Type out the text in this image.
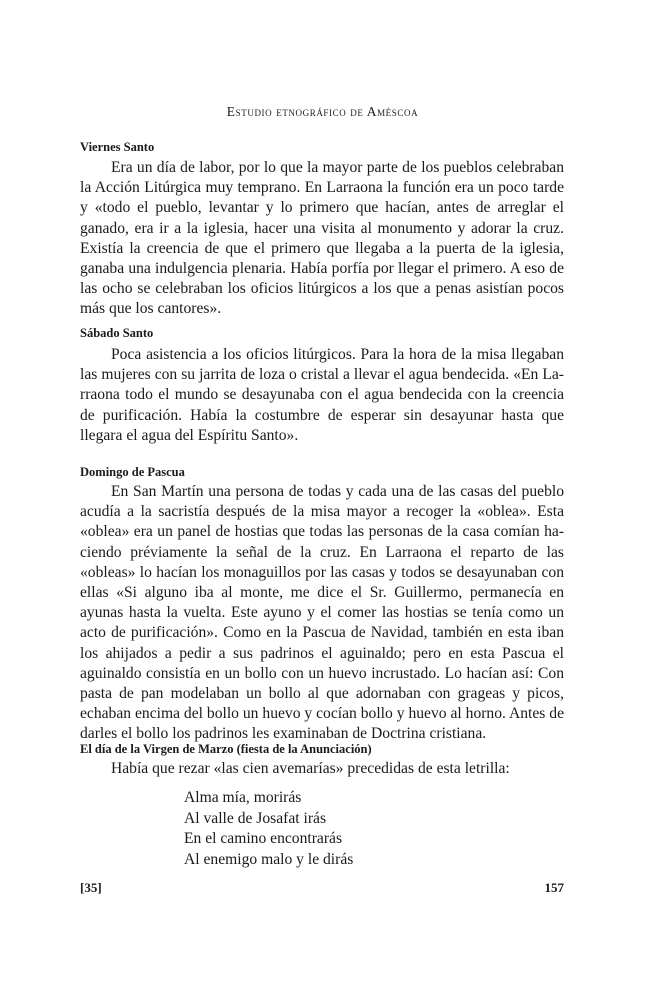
Estudio etnográfico de Améscoa
Viernes Santo

Era un día de labor, por lo que la mayor parte de los pueblos celebraban la Acción Litúrgica muy temprano. En Larraona la función era un poco tarde y «todo el pueblo, levantar y lo primero que hacían, antes de arreglar el ganado, era ir a la iglesia, hacer una visita al monumento y adorar la cruz. Existía la creencia de que el primero que llegaba a la puerta de la iglesia, ganaba una indulgencia plenaria. Había porfía por llegar el primero. A eso de las ocho se celebraban los oficios litúrgicos a los que a penas asistían pocos más que los cantores».

Sábado Santo

Poca asistencia a los oficios litúrgicos. Para la hora de la misa llegaban las mujeres con su jarrita de loza o cristal a llevar el agua bendecida. «En Larraona todo el mundo se desayunaba con el agua bendecida con la creencia de purificación. Había la costumbre de esperar sin desayunar hasta que llegara el agua del Espíritu Santo».

Domingo de Pascua

En San Martín una persona de todas y cada una de las casas del pueblo acudía a la sacristía después de la misa mayor a recoger la «oblea». Esta «oblea» era un panel de hostias que todas las personas de la casa comían haciendo préviamente la señal de la cruz. En Larraona el reparto de las «obleas» lo hacían los monaguillos por las casas y todos se desayunaban con ellas «Si alguno iba al monte, me dice el Sr. Guillermo, permanecía en ayunas hasta la vuelta. Este ayuno y el comer las hostias se tenía como un acto de purificación». Como en la Pascua de Navidad, también en esta iban los ahijados a pedir a sus padrinos el aguinaldo; pero en esta Pascua el aguinaldo consistía en un bollo con un huevo incrustado. Lo hacían así: Con pasta de pan modelaban un bollo al que adornaban con grageas y picos, echaban encima del bollo un huevo y cocían bollo y huevo al horno. Antes de darles el bollo los padrinos les examinaban de Doctrina cristiana.

El día de la Virgen de Marzo (fiesta de la Anunciación)

Había que rezar «las cien avemarías» precedidas de esta letrilla:

Alma mía, morirás
Al valle de Josafat irás
En el camino encontrarás
Al enemigo malo y le dirás
[35]	157
